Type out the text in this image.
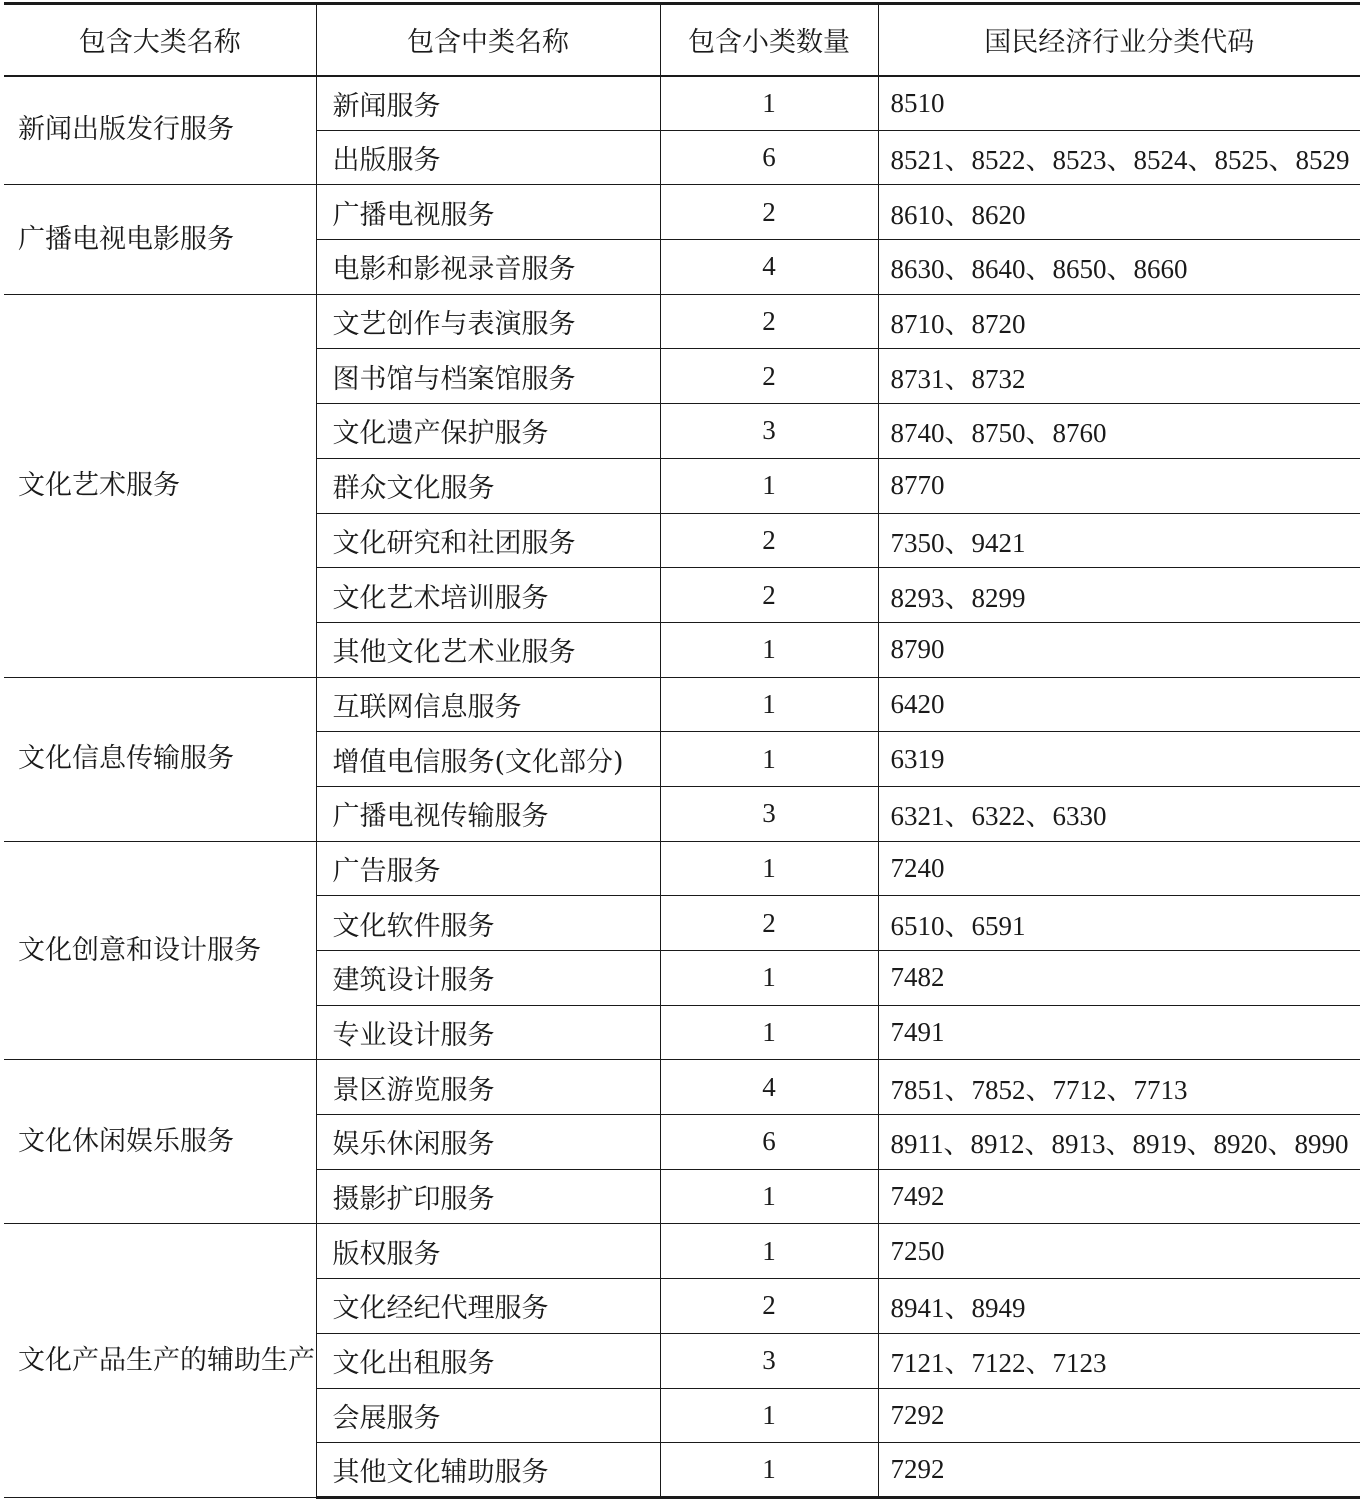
包含大类名称	包含中类名称	包含小类数量	国民经济行业分类代码
新闻出版发行服务	新闻服务	1	8510
	出版服务	6	8521、8522、8523、8524、8525、8529
广播电视电影服务	广播电视服务	2	8610、8620
	电影和影视录音服务	4	8630、8640、8650、8660
文化艺术服务	文艺创作与表演服务	2	8710、8720
	图书馆与档案馆服务	2	8731、8732
	文化遗产保护服务	3	8740、8750、8760
	群众文化服务	1	8770
	文化研究和社团服务	2	7350、9421
	文化艺术培训服务	2	8293、8299
	其他文化艺术业服务	1	8790
文化信息传输服务	互联网信息服务	1	6420
	增值电信服务(文化部分)	1	6319
	广播电视传输服务	3	6321、6322、6330
文化创意和设计服务	广告服务	1	7240
	文化软件服务	2	6510、6591
	建筑设计服务	1	7482
	专业设计服务	1	7491
文化休闲娱乐服务	景区游览服务	4	7851、7852、7712、7713
	娱乐休闲服务	6	8911、8912、8913、8919、8920、8990
	摄影扩印服务	1	7492
文化产品生产的辅助生产	版权服务	1	7250
	文化经纪代理服务	2	8941、8949
	文化出租服务	3	7121、7122、7123
	会展服务	1	7292
	其他文化辅助服务	1	7292
